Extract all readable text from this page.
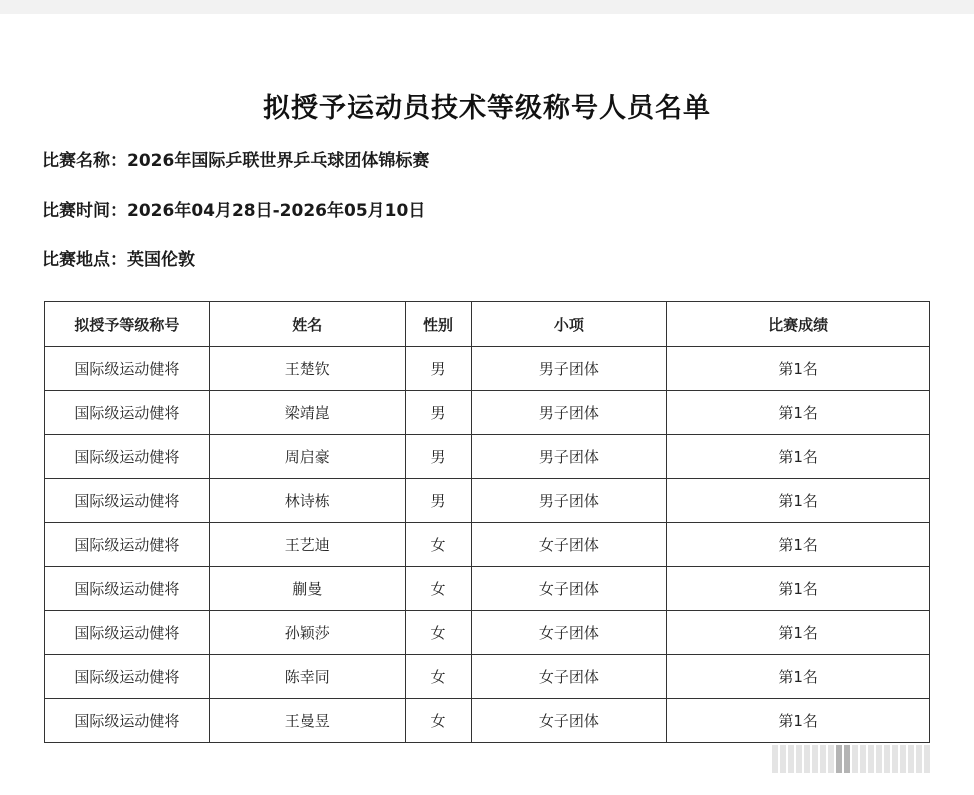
拟授予运动员技术等级称号人员名单
比赛名称：2026年国际乒联世界乒乓球团体锦标赛
比赛时间：2026年04月28日-2026年05月10日
比赛地点：英国伦敦
拟授予等级称号	姓名	性别	小项	比赛成绩
国际级运动健将	王楚钦	男	男子团体	第1名
国际级运动健将	梁靖崑	男	男子团体	第1名
国际级运动健将	周启豪	男	男子团体	第1名
国际级运动健将	林诗栋	男	男子团体	第1名
国际级运动健将	王艺迪	女	女子团体	第1名
国际级运动健将	蒯曼	女	女子团体	第1名
国际级运动健将	孙颖莎	女	女子团体	第1名
国际级运动健将	陈幸同	女	女子团体	第1名
国际级运动健将	王曼昱	女	女子团体	第1名
